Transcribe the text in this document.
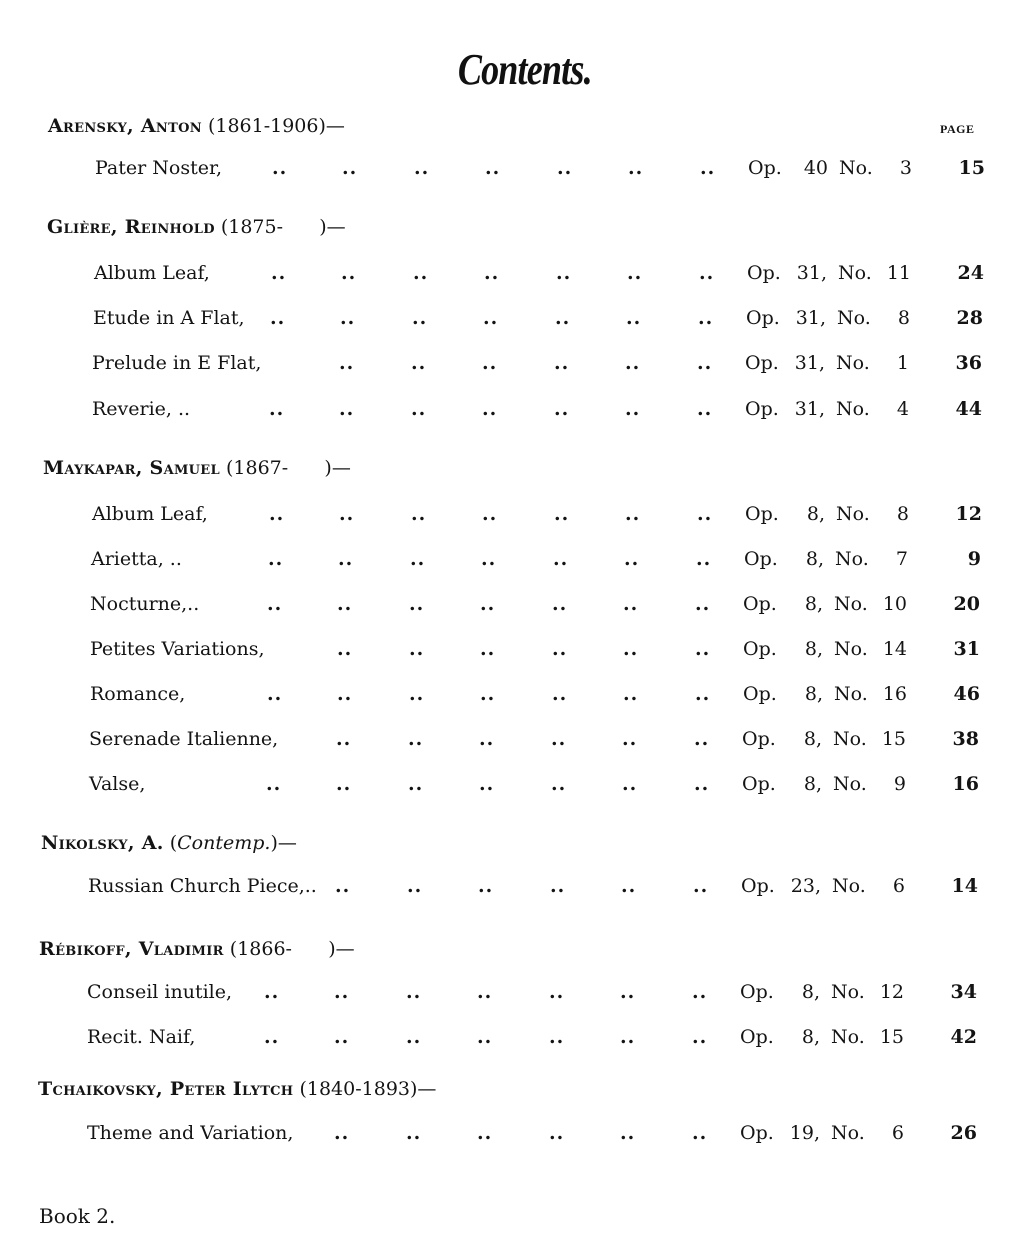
Contents.
PAGE
Arensky, Anton (1861-1906)—
Pater Noster,	..	..	..	..	..	..	.. Op.	40 No.	3 15
Glière, Reinhold (1875-      )—
Album Leaf,	..	..	..	..	..	..	.. Op. 31, No. 11 24
Etude in A Flat, ..	..	..	..	..	..	.. Op. 31, No.	8 28
Prelude in E Flat,	..	..	..	..	..	.. Op. 31, No.	1 36
Reverie, ..	..	..	..	..	..	..	.. Op. 31, No.	4 44
Maykapar, Samuel (1867-      )—
Album Leaf,	..	..	..	..	..	..	.. Op.	8, No.	8 12
Arietta, ..	..	..	..	..	..	..	.. Op.	8, No.	7	9
Nocturne,..	..	..	..	..	..	..	.. Op.	8, No. 10 20
Petites Variations,	..	..	..	..	..	.. Op.	8, No. 14 31
Romance,	..	..	..	..	..	..	.. Op.	8, No. 16 46
Serenade Italienne,	..	..	..	..	..	.. Op.	8, No. 15 38
Valse,	..	..	..	..	..	..	.. Op.	8, No.	9 16
Nikolsky, A. (Contemp.)—
Russian Church Piece,.. ..	..	..	..	..	.. Op. 23, No.	6 14
Rébikoff, Vladimir (1866-      )—
Conseil inutile, ..	..	..	..	..	..	.. Op.	8, No. 12 34
Recit. Naif,	..	..	..	..	..	..	.. Op.	8, No. 15 42
Tchaikovsky, Peter Ilytch (1840-1893)—
Theme and Variation, ..	..	..	..	..	.. Op. 19, No.	6 26
Book 2.
